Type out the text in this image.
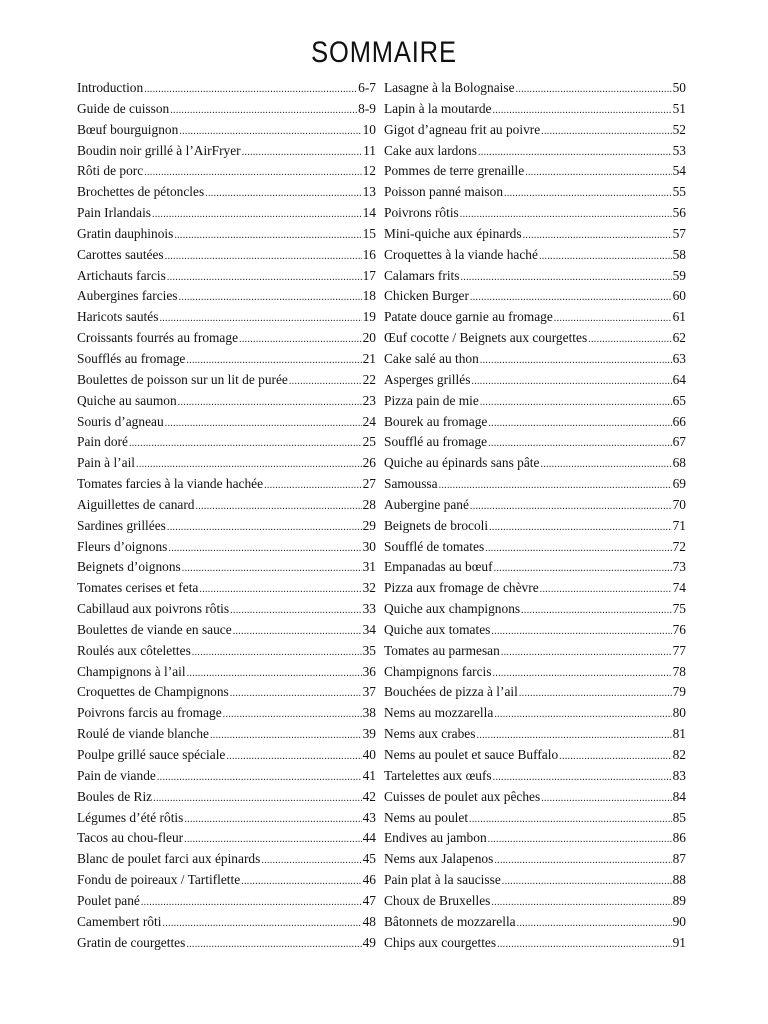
SOMMAIRE
Introduction .....	6-7
Guide de cuisson .....	8-9
Bœuf bourguignon .....	10
Boudin noir grillé à l’AirFryer .....	11
Rôti de porc .....	12
Brochettes de pétoncles .....	13
Pain Irlandais .....	14
Gratin dauphinois .....	15
Carottes sautées .....	16
Artichauts farcis .....	17
Aubergines farcies .....	18
Haricots sautés .....	19
Croissants fourrés au fromage .....	20
Soufflés au fromage .....	21
Boulettes de poisson sur un lit de purée .....	22
Quiche au saumon .....	23
Souris d’agneau .....	24
Pain doré .....	25
Pain à l’ail .....	26
Tomates farcies à la viande hachée .....	27
Aiguillettes de canard .....	28
Sardines grillées .....	29
Fleurs d’oignons .....	30
Beignets d’oignons .....	31
Tomates cerises et feta .....	32
Cabillaud aux poivrons rôtis .....	33
Boulettes de viande en sauce .....	34
Roulés aux côtelettes .....	35
Champignons à l’ail .....	36
Croquettes de Champignons .....	37
Poivrons farcis au fromage .....	38
Roulé de viande blanche .....	39
Poulpe grillé sauce spéciale .....	40
Pain de viande .....	41
Boules de Riz .....	42
Légumes d’été rôtis .....	43
Tacos au chou-fleur .....	44
Blanc de poulet farci aux épinards .....	45
Fondu de poireaux / Tartiflette .....	46
Poulet pané .....	47
Camembert rôti .....	48
Gratin de courgettes .....	49
Lasagne à la Bolognaise .....	50
Lapin à la moutarde .....	51
Gigot d’agneau frit au poivre .....	52
Cake aux lardons .....	53
Pommes de terre grenaille .....	54
Poisson panné maison .....	55
Poivrons rôtis .....	56
Mini-quiche aux épinards .....	57
Croquettes à la viande haché .....	58
Calamars frits .....	59
Chicken Burger .....	60
Patate douce garnie au fromage .....	61
Œuf cocotte / Beignets aux courgettes .....	62
Cake salé au thon .....	63
Asperges grillés .....	64
Pizza pain de mie .....	65
Bourek au fromage .....	66
Soufflé au fromage .....	67
Quiche au épinards sans pâte .....	68
Samoussa .....	69
Aubergine pané .....	70
Beignets de brocoli .....	71
Soufflé de tomates .....	72
Empanadas au bœuf .....	73
Pizza aux fromage de chèvre .....	74
Quiche aux champignons .....	75
Quiche aux tomates .....	76
Tomates au parmesan .....	77
Champignons farcis .....	78
Bouchées de pizza à l’ail .....	79
Nems au mozzarella .....	80
Nems aux crabes .....	81
Nems au poulet et sauce Buffalo .....	82
Tartelettes aux œufs .....	83
Cuisses de poulet aux pêches .....	84
Nems au poulet .....	85
Endives au jambon .....	86
Nems aux Jalapenos .....	87
Pain plat à la saucisse .....	88
Choux de Bruxelles .....	89
Bâtonnets de mozzarella .....	90
Chips aux courgettes .....	91
